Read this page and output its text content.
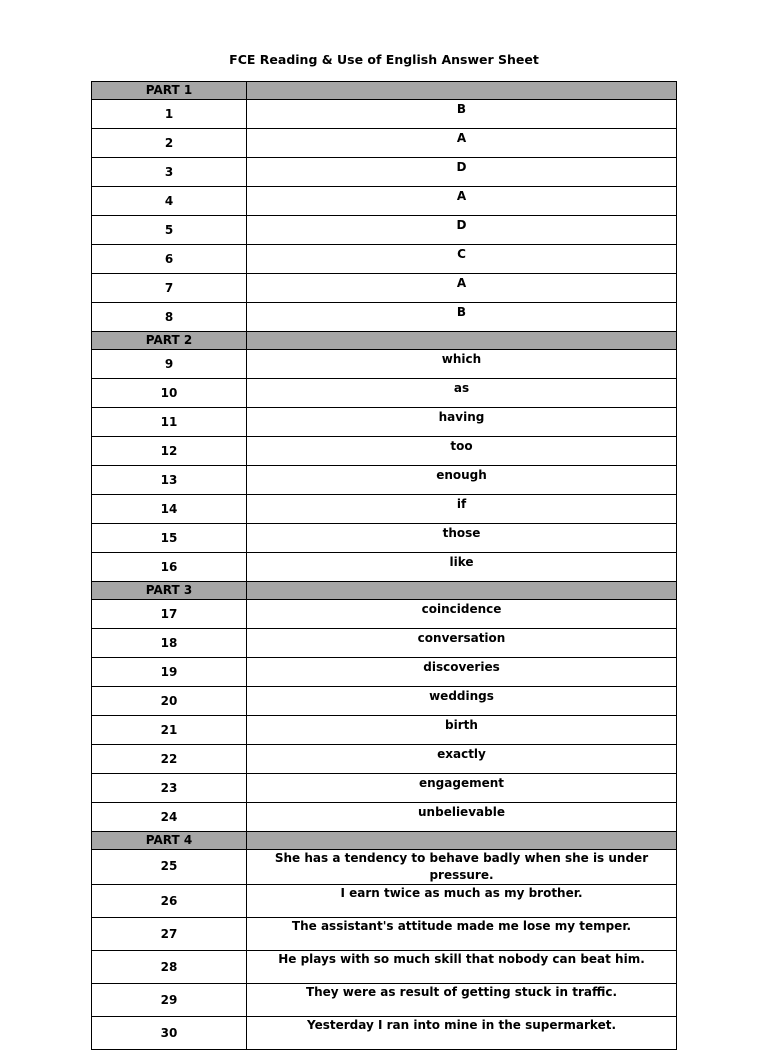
FCE Reading & Use of English Answer Sheet
PART 1	
1	B
2	A
3	D
4	A
5	D
6	C
7	A
8	B
PART 2	
9	which
10	as
11	having
12	too
13	enough
14	if
15	those
16	like
PART 3	
17	coincidence
18	conversation
19	discoveries
20	weddings
21	birth
22	exactly
23	engagement
24	unbelievable
PART 4	
25	She has a tendency to behave badly when she is under pressure.
26	I earn twice as much as my brother.
27	The assistant's attitude made me lose my temper.
28	He plays with so much skill that nobody can beat him.
29	They were as result of getting stuck in traffic.
30	Yesterday I ran into mine in the supermarket.
